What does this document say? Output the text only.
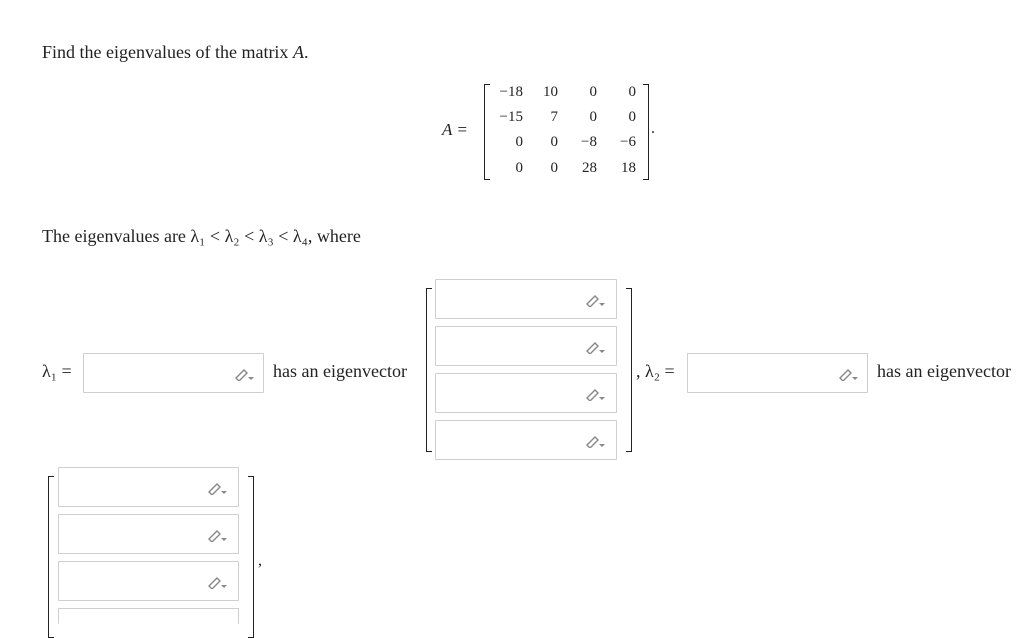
Find the eigenvalues of the matrix A.
A =
−18	10	0	0
−15	7	0	0
0	0	−8	−6
0	0	28	18
.
The eigenvalues are λ₁ < λ₂ < λ₃ < λ₄, where
λ₁ =	has an eigenvector	, λ₂ =	has an eigenvector
,
